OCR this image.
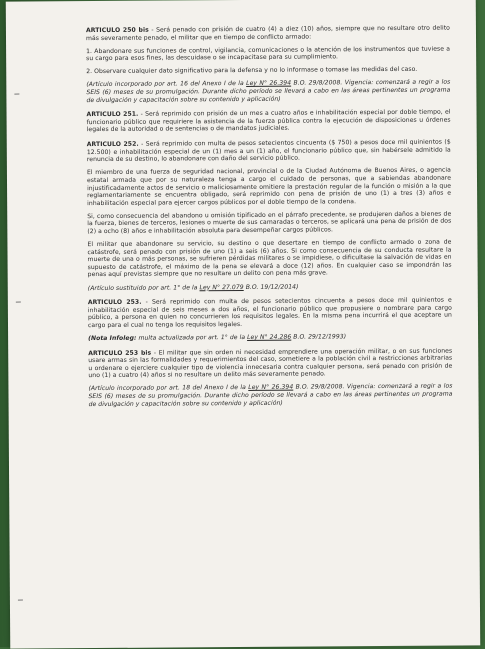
ARTICULO 250 bis - Será penado con prisión de cuatro (4) a diez (10) años, siempre que no resultare otro delito más severamente penado, el militar que en tiempo de conflicto armado:

1. Abandonare sus funciones de control, vigilancia, comunicaciones o la atención de los instrumentos que tuviese a su cargo para esos fines, las descuidase o se incapacitase para su cumplimiento.

2. Observare cualquier dato significativo para la defensa y no lo informase o tomase las medidas del caso.

(Artículo incorporado por art. 16 del Anexo I de la Ley N° 26.394 B.O. 29/8/2008. Vigencia: comenzará a regir a los SEIS (6) meses de su promulgación. Durante dicho período se llevará a cabo en las áreas pertinentes un programa de divulgación y capacitación sobre su contenido y aplicación)

ARTICULO 251. - Será reprimido con prisión de un mes a cuatro años e inhabilitación especial por doble tiempo, el funcionario público que requiriere la asistencia de la fuerza pública contra la ejecución de disposiciones u órdenes legales de la autoridad o de sentencias o de mandatos judiciales.

ARTICULO 252. - Será reprimido con multa de pesos setecientos cincuenta ($ 750) a pesos doce mil quinientos ($ 12.500) e inhabilitación especial de un (1) mes a un (1) año, el funcionario público que, sin habérsele admitido la renuncia de su destino, lo abandonare con daño del servicio público.

El miembro de una fuerza de seguridad nacional, provincial o de la Ciudad Autónoma de Buenos Aires, o agencia estatal armada que por su naturaleza tenga a cargo el cuidado de personas, que a sabiendas abandonare injustificadamente actos de servicio o maliciosamente omitiere la prestación regular de la función o misión a la que reglamentariamente se encuentra obligado, será reprimido con pena de prisión de uno (1) a tres (3) años e inhabilitación especial para ejercer cargos públicos por el doble tiempo de la condena.

Si, como consecuencia del abandono u omisión tipificado en el párrafo precedente, se produjeren daños a bienes de la fuerza, bienes de terceros, lesiones o muerte de sus camaradas o terceros, se aplicará una pena de prisión de dos (2) a ocho (8) años e inhabilitación absoluta para desempeñar cargos públicos.

El militar que abandonare su servicio, su destino o que desertare en tiempo de conflicto armado o zona de catástrofe, será penado con prisión de uno (1) a seis (6) años. Si como consecuencia de su conducta resultare la muerte de una o más personas, se sufrieren pérdidas militares o se impidiese, o dificultase la salvación de vidas en supuesto de catástrofe, el máximo de la pena se elevará a doce (12) años. En cualquier caso se impondrán las penas aquí previstas siempre que no resultare un delito con pena más grave.

(Artículo sustituido por art. 1° de la Ley N° 27.079 B.O. 19/12/2014)

ARTICULO 253. - Será reprimido con multa de pesos setecientos cincuenta a pesos doce mil quinientos e inhabilitación especial de seis meses a dos años, el funcionario público que propusiere o nombrare para cargo público, a persona en quien no concurrieren los requisitos legales. En la misma pena incurrirá el que aceptare un cargo para el cual no tenga los requisitos legales.

(Nota Infoleg: multa actualizada por art. 1° de la Ley N° 24.286 B.O. 29/12/1993)

ARTICULO 253 bis - El militar que sin orden ni necesidad emprendiere una operación militar, o en sus funciones usare armas sin las formalidades y requerimientos del caso, sometiere a la población civil a restricciones arbitrarias u ordenare o ejerciere cualquier tipo de violencia innecesaria contra cualquier persona, será penado con prisión de uno (1) a cuatro (4) años si no resultare un delito más severamente penado.

(Artículo incorporado por art. 18 del Anexo I de la Ley N° 26.394 B.O. 29/8/2008. Vigencia: comenzará a regir a los SEIS (6) meses de su promulgación. Durante dicho período se llevará a cabo en las áreas pertinentes un programa de divulgación y capacitación sobre su contenido y aplicación)
